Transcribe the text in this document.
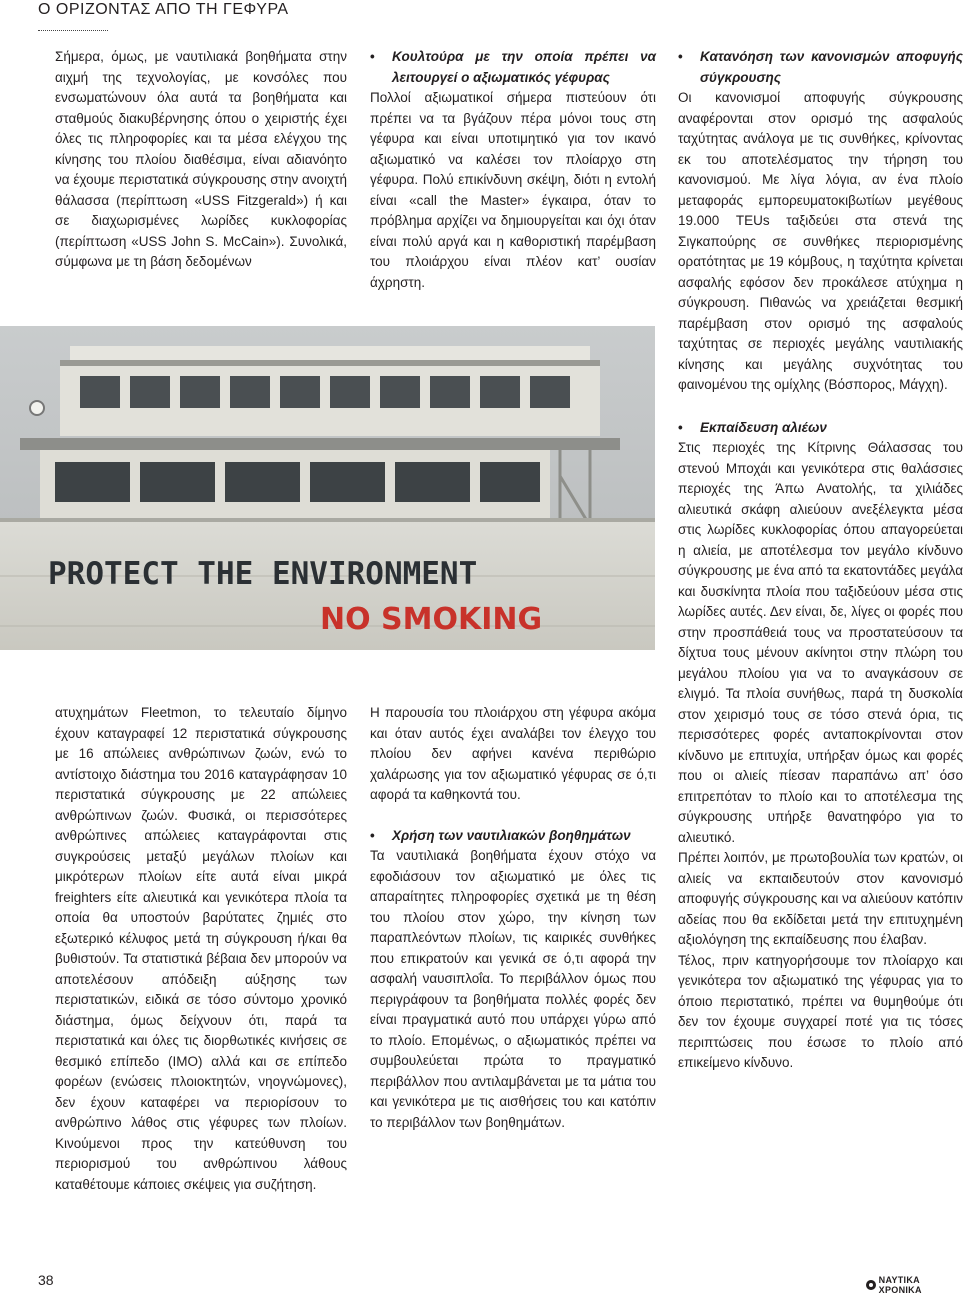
Ο ΟΡΙΖΟΝΤΑΣ ΑΠΟ ΤΗ ΓΕΦΥΡΑ

Σήμερα, όμως, με ναυτιλιακά βοηθήματα στην αιχμή της τεχνολογίας, με κονσόλες που ενσωματώνουν όλα αυτά τα βοηθήματα και σταθμούς διακυβέρνησης όπου ο χειριστής έχει όλες τις πληροφορίες και τα μέσα ελέγχου της κίνησης του πλοίου διαθέσιμα, είναι αδιανόητο να έχουμε περιστατικά σύγκρουσης στην ανοιχτή θάλασσα (περίπτωση «USS Fitzgerald») ή και σε διαχωρισμένες λωρίδες κυκλοφορίας (περίπτωση «USS John S. McCain»). Συνολικά, σύμφωνα με τη βάση δεδομένων

PROTECT THE ENVIRONMENT
NO SMOKING

ατυχημάτων Fleetmon, το τελευταίο δίμηνο έχουν καταγραφεί 12 περιστατικά σύγκρουσης με 16 απώλειες ανθρώπινων ζωών, ενώ το αντίστοιχο διάστημα του 2016 καταγράφησαν 10 περιστατικά σύγκρουσης με 22 απώλειες ανθρώπινων ζωών. Φυσικά, οι περισσότερες ανθρώπινες απώλειες καταγράφονται στις συγκρούσεις μεταξύ μεγάλων πλοίων και μικρότερων πλοίων είτε αυτά είναι μικρά freighters είτε αλιευτικά και γενικότερα πλοία τα οποία θα υποστούν βαρύτατες ζημιές στο εξωτερικό κέλυφος μετά τη σύγκρουση ή/και θα βυθιστούν. Τα στατιστικά βέβαια δεν μπορούν να αποτελέσουν απόδειξη αύξησης των περιστατικών, ειδικά σε τόσο σύντομο χρονικό διάστημα, όμως δείχνουν ότι, παρά τα περιστατικά και όλες τις διορθωτικές κινήσεις σε θεσμικό επίπεδο (IMO) αλλά και σε επίπεδο φορέων (ενώσεις πλοιοκτητών, νηογνώμονες), δεν έχουν καταφέρει να περιορίσουν το ανθρώπινο λάθος στις γέφυρες των πλοίων. Κινούμενοι προς την κατεύθυνση του περιορισμού του ανθρώπινου λάθους καταθέτουμε κάποιες σκέψεις για συζήτηση.

•	Κουλτούρα με την οποία πρέπει να λειτουργεί ο αξιωματικός γέφυρας

Πολλοί αξιωματικοί σήμερα πιστεύουν ότι πρέπει να τα βγάζουν πέρα μόνοι τους στη γέφυρα και είναι υποτιμητικό για τον ικανό αξιωματικό να καλέσει τον πλοίαρχο στη γέφυρα. Πολύ επικίνδυνη σκέψη, διότι η εντολή είναι «call the Master» έγκαιρα, όταν το πρόβλημα αρχίζει να δημιουργείται και όχι όταν είναι πολύ αργά και η καθοριστική παρέμβαση του πλοιάρχου είναι πλέον κατ’ ουσίαν άχρηστη.

Η παρουσία του πλοιάρχου στη γέφυρα ακόμα και όταν αυτός έχει αναλάβει τον έλεγχο του πλοίου δεν αφήνει κανένα περιθώριο χαλάρωσης για τον αξιωματικό γέφυρας σε ό,τι αφορά τα καθηκοντά του.

•	Χρήση των ναυτιλιακών βοηθημάτων

Τα ναυτιλιακά βοηθήματα έχουν στόχο να εφοδιάσουν τον αξιωματικό με όλες τις απαραίτητες πληροφορίες σχετικά με τη θέση του πλοίου στον χώρο, την κίνηση των παραπλεόντων πλοίων, τις καιρικές συνθήκες που επικρατούν και γενικά σε ό,τι αφορά την ασφαλή ναυσιπλοΐα. Το περιβάλλον όμως που περιγράφουν τα βοηθήματα πολλές φορές δεν είναι πραγματικά αυτό που υπάρχει γύρω από το πλοίο. Επομένως, ο αξιωματικός πρέπει να συμβουλεύεται πρώτα το πραγματικό περιβάλλον που αντιλαμβάνεται με τα μάτια του και γενικότερα με τις αισθήσεις του και κατόπιν το περιβάλλον των βοηθημάτων.

•	Κατανόηση των κανονισμών αποφυγής σύγκρουσης

Οι κανονισμοί αποφυγής σύγκρουσης αναφέρονται στον ορισμό της ασφαλούς ταχύτητας ανάλογα με τις συνθήκες, κρίνοντας εκ του αποτελέσματος την τήρηση του κανονισμού. Με λίγα λόγια, αν ένα πλοίο μεταφοράς εμπορευματοκιβωτίων μεγέθους 19.000 TEUs ταξιδεύει στα στενά της Σιγκαπούρης σε συνθήκες περιορισμένης ορατότητας με 19 κόμβους, η ταχύτητα κρίνεται ασφαλής εφόσον δεν προκάλεσε ατύχημα η σύγκρουση. Πιθανώς να χρειάζεται θεσμική παρέμβαση στον ορισμό της ασφαλούς ταχύτητας σε περιοχές μεγάλης ναυτιλιακής κίνησης και μεγάλης συχνότητας του φαινομένου της ομίχλης (Βόσπορος, Μάγχη).

•	Εκπαίδευση αλιέων

Στις περιοχές της Κίτρινης Θάλασσας του στενού Μποχάι και γενικότερα στις θαλάσσιες περιοχές της Άπω Ανατολής, τα χιλιάδες αλιευτικά σκάφη αλιεύουν ανεξέλεγκτα μέσα στις λωρίδες κυκλοφορίας όπου απαγορεύεται η αλιεία, με αποτέλεσμα τον μεγάλο κίνδυνο σύγκρουσης με ένα από τα εκατοντάδες μεγάλα και δυσκίνητα πλοία που ταξιδεύουν μέσα στις λωρίδες αυτές. Δεν είναι, δε, λίγες οι φορές που στην προσπάθειά τους να προστατεύσουν τα δίχτυα τους μένουν ακίνητοι στην πλώρη του μεγάλου πλοίου για να το αναγκάσουν σε ελιγμό. Τα πλοία συνήθως, παρά τη δυσκολία στον χειρισμό τους σε τόσο στενά όρια, τις περισσότερες φορές ανταποκρίνονται στον κίνδυνο με επιτυχία, υπήρξαν όμως και φορές που οι αλιείς πίεσαν παραπάνω απ’ όσο επιτρεπόταν το πλοίο και το αποτέλεσμα της σύγκρουσης υπήρξε θανατηφόρο για το αλιευτικό.

Πρέπει λοιπόν, με πρωτοβουλία των κρατών, οι αλιείς να εκπαιδευτούν στον κανονισμό αποφυγής σύγκρουσης και να αλιεύουν κατόπιν αδείας που θα εκδίδεται μετά την επιτυχημένη αξιολόγηση της εκπαίδευσης που έλαβαν.

Τέλος, πριν κατηγορήσουμε τον πλοίαρχο και γενικότερα τον αξιωματικό της γέφυρας για το όποιο περιστατικό, πρέπει να θυμηθούμε ότι δεν τον έχουμε συγχαρεί ποτέ για τις τόσες περιπτώσεις που έσωσε το πλοίο από επικείμενο κίνδυνο.

38	ΝΑΥΤΙΚΑ ΧΡΟΝΙΚΑ
